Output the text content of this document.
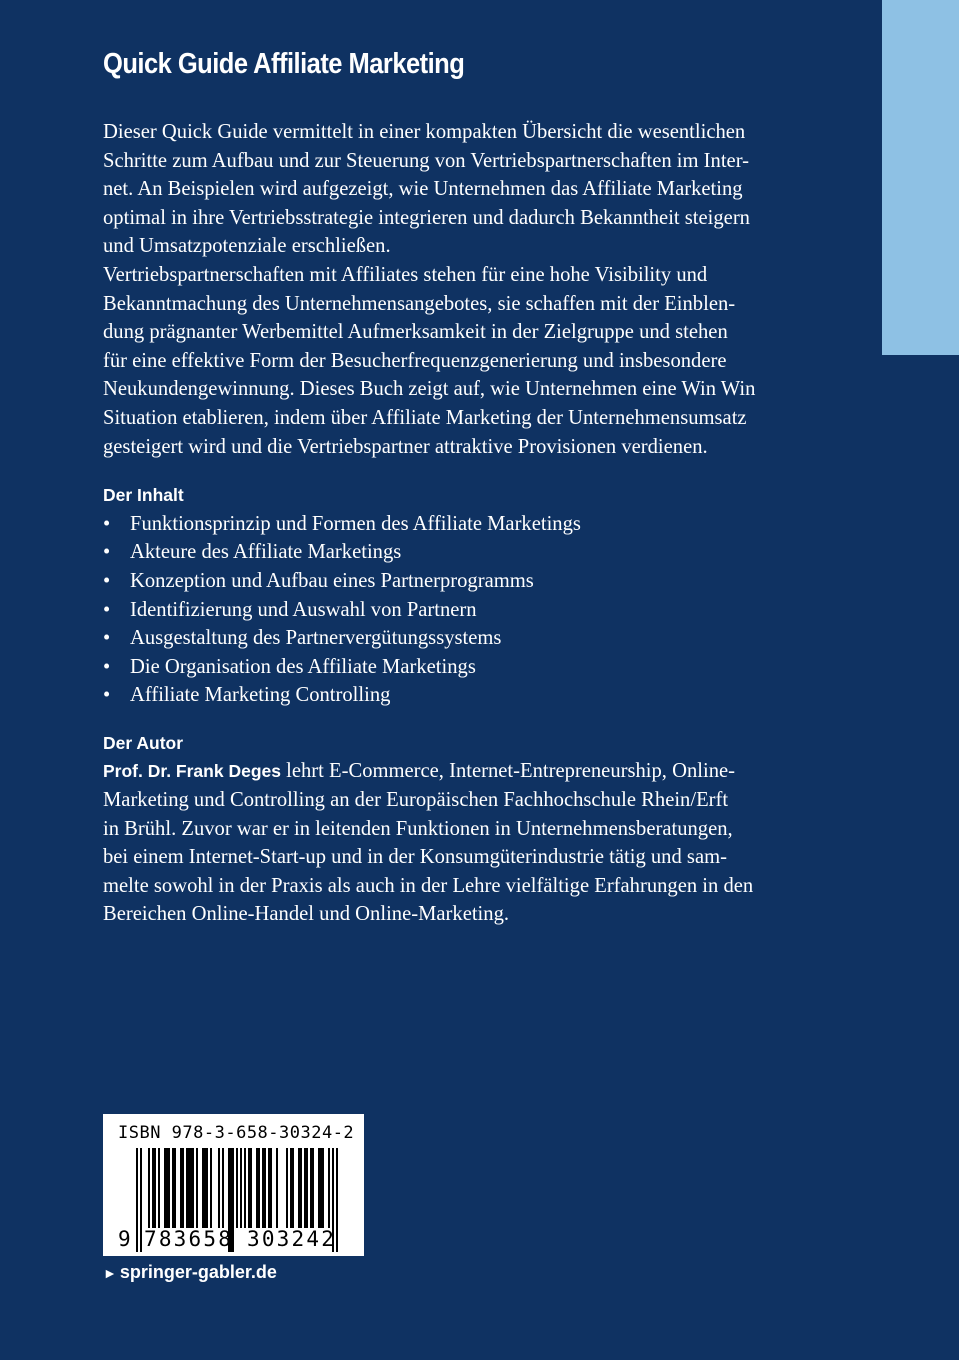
Quick Guide Affiliate Marketing
Dieser Quick Guide vermittelt in einer kompakten Übersicht die wesentlichen
Schritte zum Aufbau und zur Steuerung von Vertriebspartnerschaften im Inter-
net. An Beispielen wird aufgezeigt, wie Unternehmen das Affiliate Marketing
optimal in ihre Vertriebsstrategie integrieren und dadurch Bekanntheit steigern
und Umsatzpotenziale erschließen.
Vertriebspartnerschaften mit Affiliates stehen für eine hohe Visibility und
Bekanntmachung des Unternehmensangebotes, sie schaffen mit der Einblen-
dung prägnanter Werbemittel Aufmerksamkeit in der Zielgruppe und stehen
für eine effektive Form der Besucherfrequenzgenerierung und insbesondere
Neukundengewinnung. Dieses Buch zeigt auf, wie Unternehmen eine Win Win
Situation etablieren, indem über Affiliate Marketing der Unternehmensumsatz
gesteigert wird und die Vertriebspartner attraktive Provisionen verdienen.
Der Inhalt
• Funktionsprinzip und Formen des Affiliate Marketings
• Akteure des Affiliate Marketings
• Konzeption und Aufbau eines Partnerprogramms
• Identifizierung und Auswahl von Partnern
• Ausgestaltung des Partnervergütungssystems
• Die Organisation des Affiliate Marketings
• Affiliate Marketing Controlling
Der Autor
Prof. Dr. Frank Deges lehrt E-Commerce, Internet-Entrepreneurship, Online-
Marketing und Controlling an der Europäischen Fachhochschule Rhein/Erft
in Brühl. Zuvor war er in leitenden Funktionen in Unternehmensberatungen,
bei einem Internet-Start-up und in der Konsumgüterindustrie tätig und sam-
melte sowohl in der Praxis als auch in der Lehre vielfältige Erfahrungen in den
Bereichen Online-Handel und Online-Marketing.
9 783658 303242
ISBN 978-3-658-30324-2
► springer-gabler.de
